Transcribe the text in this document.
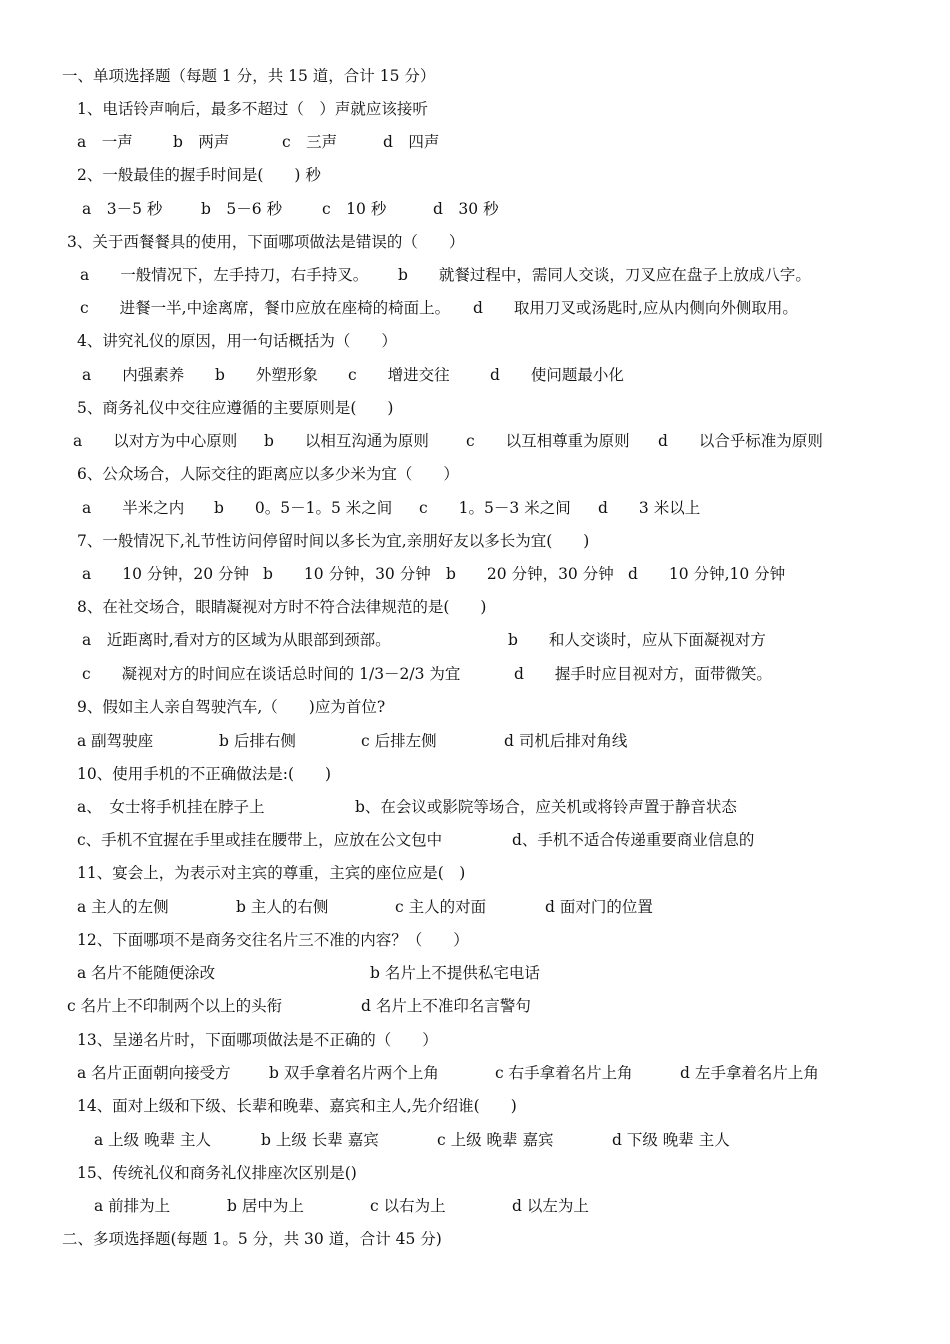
一、单项选择题（每题 1 分，共 15 道，合计 15 分）
1、电话铃声响后，最多不超过（　）声就应该接听
a　一声	b　两声	c　三声	d　四声
2、一般最佳的握手时间是(　　) 秒
a　3－5 秒 b　5－6 秒	c　10 秒	d　30 秒
3、关于西餐餐具的使用，下面哪项做法是错误的（　　）
a　　一般情况下，左手持刀，右手持叉。 b　　就餐过程中，需同人交谈，刀叉应在盘子上放成八字。
c　　进餐一半,中途离席，餐巾应放在座椅的椅面上。 d　　取用刀叉或汤匙时,应从内侧向外侧取用。
4、讲究礼仪的原因，用一句话概括为（　　）
a　　内强素养 b　　外塑形象 c　　增进交往	d　　使问题最小化
5、商务礼仪中交往应遵循的主要原则是(　　)
a　　以对方为中心原则 b　　以相互沟通为原则 c　　以互相尊重为原则 d　　以合乎标准为原则
6、公众场合，人际交往的距离应以多少米为宜（　　）
a　　半米之内 b　　0。5－1。5 米之间 c　　1。5－3 米之间 d　　3 米以上
7、一般情况下,礼节性访问停留时间以多长为宜,亲朋好友以多长为宜(　　)
a　　10 分钟，20 分钟 b　　10 分钟，30 分钟 b　　20 分钟，30 分钟 d　　10 分钟,10 分钟
8、在社交场合，眼睛凝视对方时不符合法律规范的是(　　)
a　近距离时,看对方的区域为从眼部到颈部。	b　　和人交谈时，应从下面凝视对方
c　　凝视对方的时间应在谈话总时间的 1/3－2/3 为宜	d　　握手时应目视对方，面带微笑。
9、假如主人亲自驾驶汽车,（　　)应为首位?
a 副驾驶座	b 后排右侧	c 后排左侧	d 司机后排对角线
10、使用手机的不正确做法是:(　　)
a、　女士将手机挂在脖子上	b、在会议或影院等场合，应关机或将铃声置于静音状态
c、手机不宜握在手里或挂在腰带上，应放在公文包中	d、手机不适合传递重要商业信息的
11、宴会上，为表示对主宾的尊重，主宾的座位应是(　)
a 主人的左侧	b 主人的右侧	c 主人的对面	d 面对门的位置
12、下面哪项不是商务交往名片三不准的内容？（　　）
a 名片不能随便涂改	b 名片上不提供私宅电话
c 名片上不印制两个以上的头衔	d 名片上不准印名言警句
13、呈递名片时，下面哪项做法是不正确的（　　）
a 名片正面朝向接受方 b 双手拿着名片两个上角	c 右手拿着名片上角	d 左手拿着名片上角
14、面对上级和下级、长辈和晚辈、嘉宾和主人,先介绍谁(　　)
a 上级 晚辈 主人	b 上级 长辈 嘉宾	c 上级 晚辈 嘉宾	d 下级 晚辈 主人
15、传统礼仪和商务礼仪排座次区别是()
a 前排为上	b 居中为上	c 以右为上	d 以左为上
二、多项选择题(每题 1。5 分，共 30 道，合计 45 分)
